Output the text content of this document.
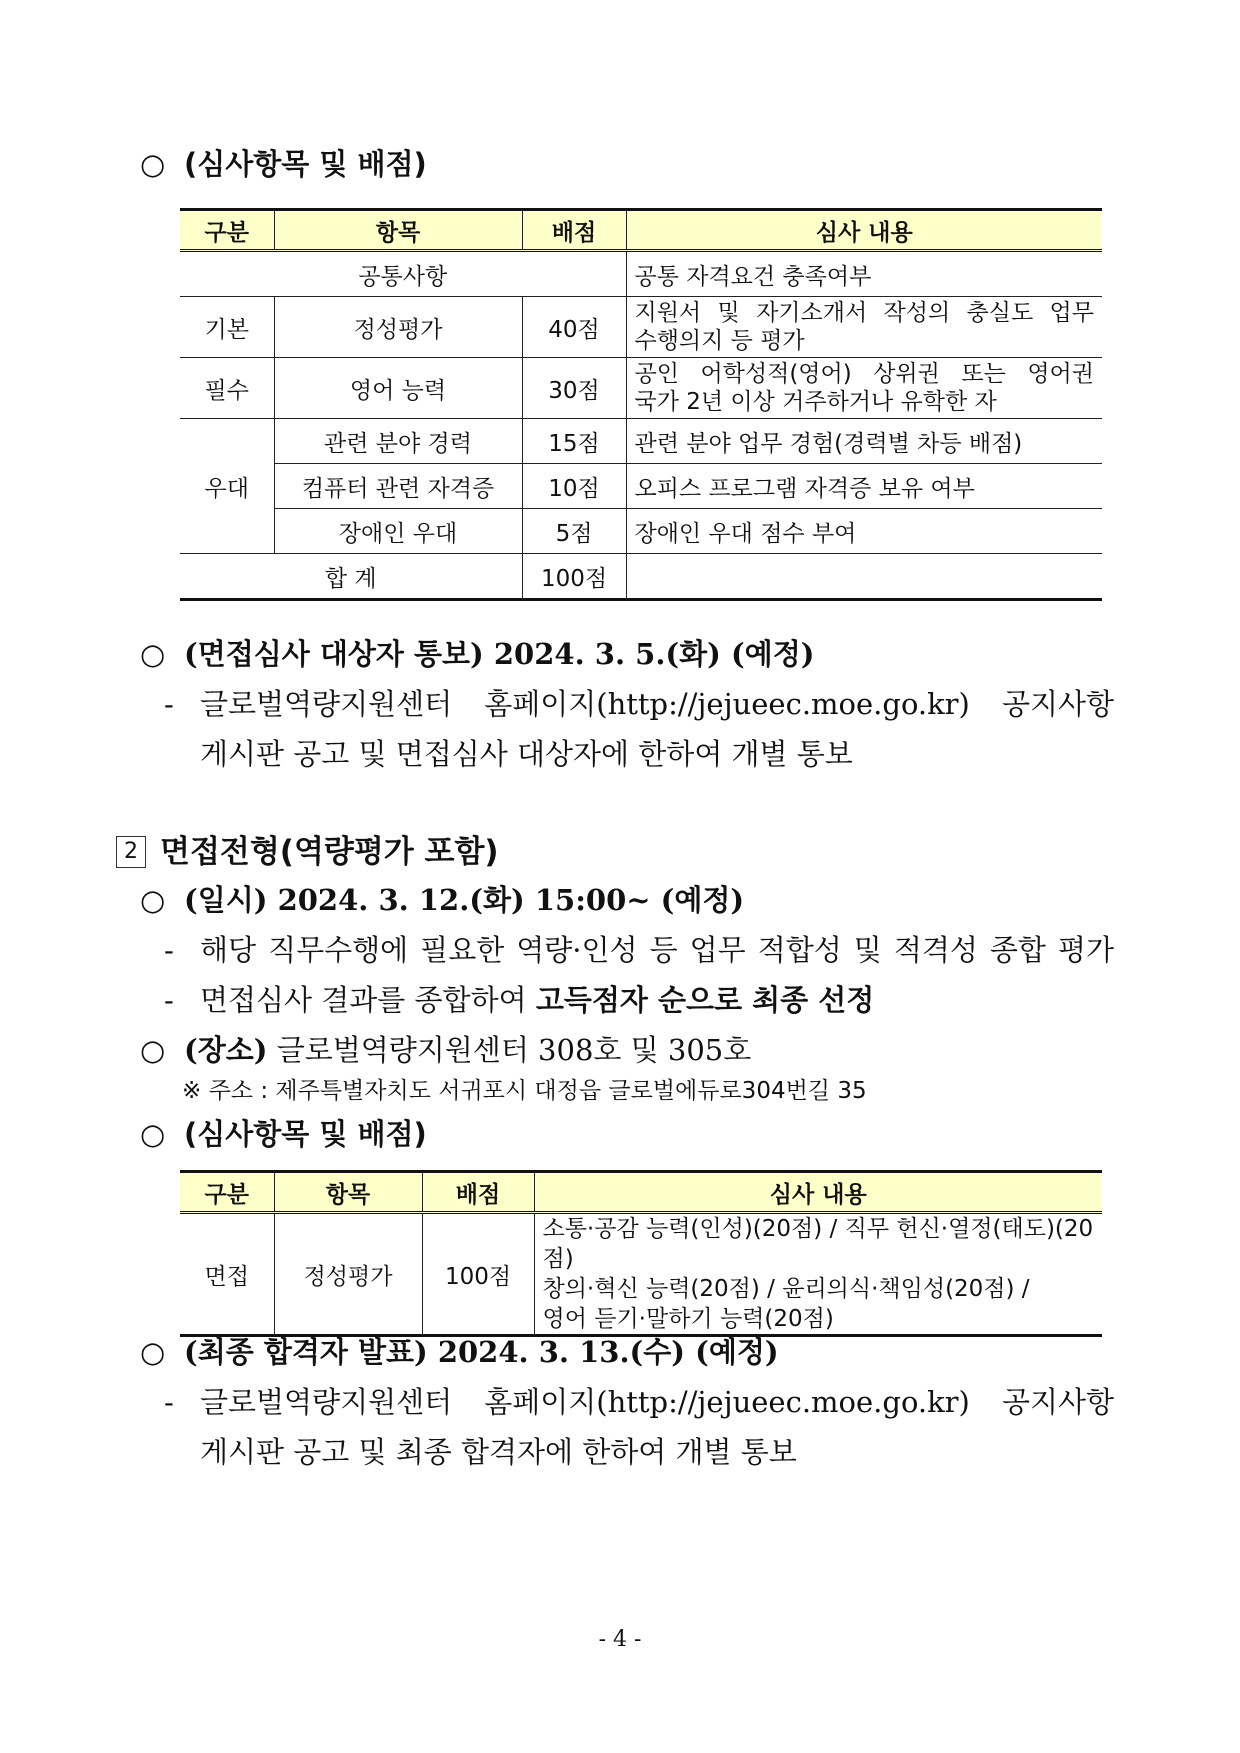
○ (심사항목 및 배점)
구분	항목	배점	심사 내용
공통사항			공통 자격요건 충족여부
기본	정성평가	40점	지원서 및 자기소개서 작성의 충실도 업무
수행의지 등 평가

필수	영어 능력	30점	공인 어학성적(영어) 상위권 또는 영어권
국가 2년 이상 거주하거나 유학한 자

우대	관련 분야 경력	15점	관련 분야 업무 경험(경력별 차등 배점)
	컴퓨터 관련 자격증	10점	오피스 프로그램 자격증 보유 여부
	장애인 우대	5점	장애인 우대 점수 부여
합 계		100점	
○ (면접심사 대상자 통보) 2024. 3. 5.(화) (예정)
- 글로벌역량지원센터 홈페이지(http://jejueec.moe.go.kr) 공지사항
게시판 공고 및 면접심사 대상자에 한하여 개별 통보
2 면접전형(역량평가 포함)
○ (일시) 2024. 3. 12.(화) 15:00~ (예정)
- 해당 직무수행에 필요한 역량·인성 등 업무 적합성 및 적격성 종합 평가
- 면접심사 결과를 종합하여 고득점자 순으로 최종 선정
○ (장소) 글로벌역량지원센터 308호 및 305호
※ 주소 : 제주특별자치도 서귀포시 대정읍 글로벌에듀로304번길 35
○ (심사항목 및 배점)
구분	항목	배점	심사 내용
면접	정성평가	100점	소통·공감 능력(인성)(20점) / 직무 헌신·열정(태도)(20점)
창의·혁신 능력(20점) / 윤리의식·책임성(20점) /
영어 듣기·말하기 능력(20점)
○ (최종 합격자 발표) 2024. 3. 13.(수) (예정)
- 글로벌역량지원센터 홈페이지(http://jejueec.moe.go.kr) 공지사항
게시판 공고 및 최종 합격자에 한하여 개별 통보
- 4 -
